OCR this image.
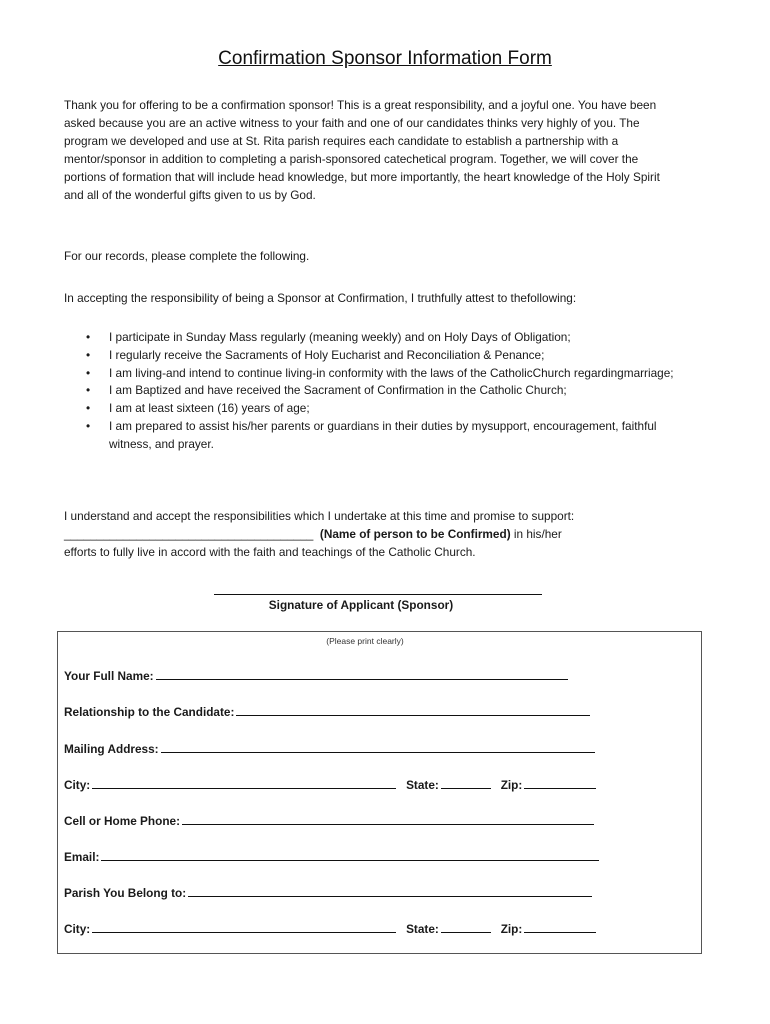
Confirmation Sponsor Information Form
Thank you for offering to be a confirmation sponsor! This is a great responsibility, and a joyful one. You have been asked because you are an active witness to your faith and one of our candidates thinks very highly of you. The program we developed and use at St. Rita parish requires each candidate to establish a partnership with a mentor/sponsor in addition to completing a parish-sponsored catechetical program. Together, we will cover the portions of formation that will include head knowledge, but more importantly, the heart knowledge of the Holy Spirit and all of the wonderful gifts given to us by God.
For our records, please complete the following.
In accepting the responsibility of being a Sponsor at Confirmation, I truthfully attest to thefollowing:
• I participate in Sunday Mass regularly (meaning weekly) and on Holy Days of Obligation;
• I regularly receive the Sacraments of Holy Eucharist and Reconciliation & Penance;
• I am living-and intend to continue living-in conformity with the laws of the CatholicChurch regardingmarriage;
• I am Baptized and have received the Sacrament of Confirmation in the Catholic Church;
• I am at least sixteen (16) years of age;
• I am prepared to assist his/her parents or guardians in their duties by mysupport, encouragement, faithful witness, and prayer.
I understand and accept the responsibilities which I undertake at this time and promise to support:
______________________________________ (Name of person to be Confirmed) in his/her
efforts to fully live in accord with the faith and teachings of the Catholic Church.
Signature of Applicant (Sponsor)
(Please print clearly)
Your Full Name:
Relationship to the Candidate:
Mailing Address:
City:	State:	Zip:
Cell or Home Phone:
Email:
Parish You Belong to:
City:	State:	Zip:
